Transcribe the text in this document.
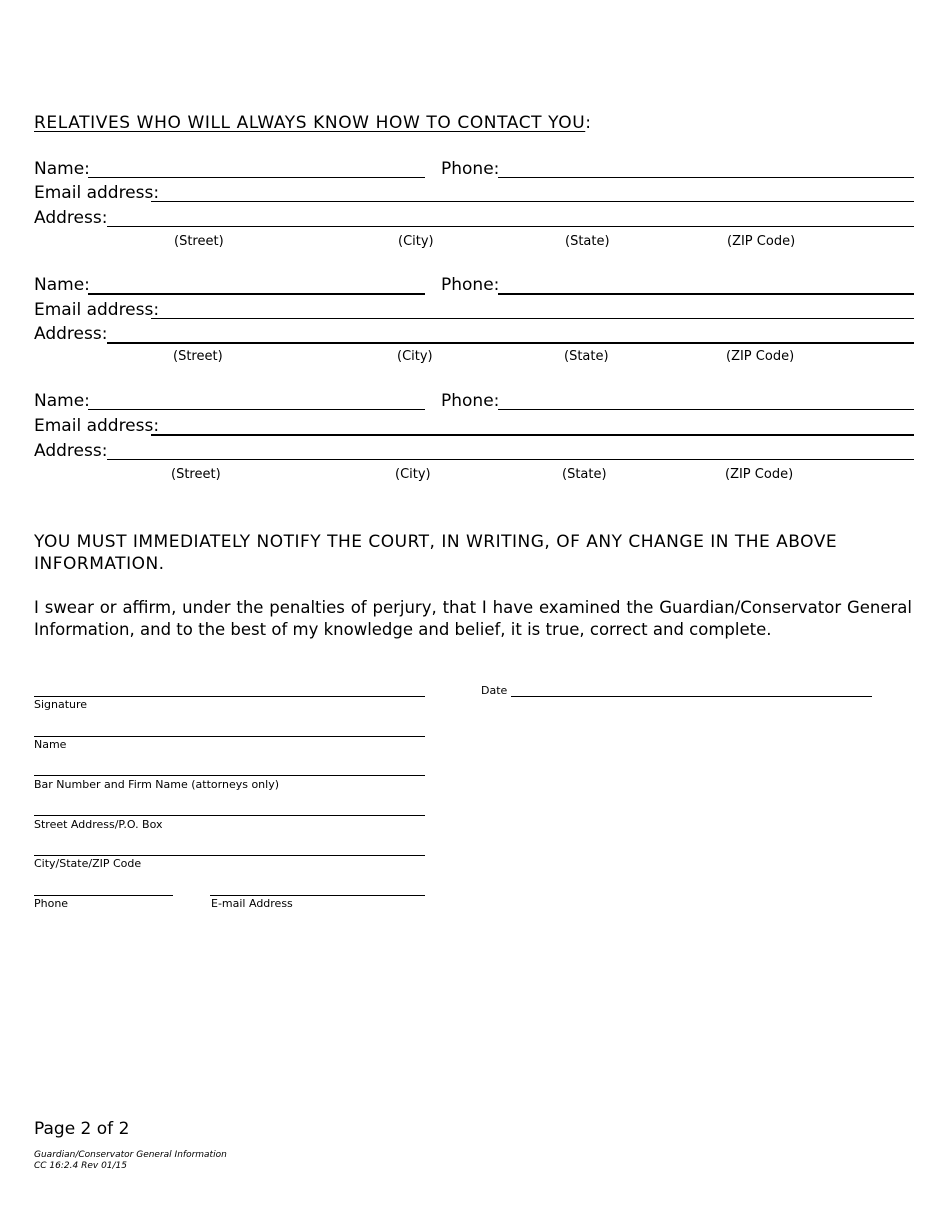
RELATIVES WHO WILL ALWAYS KNOW HOW TO CONTACT YOU:
Name:	Phone:
Email address:
Address:
(Street)	(City)	(State)	(ZIP Code)
Name:	Phone:
Email address:
Address:
(Street)	(City)	(State)	(ZIP Code)
Name:	Phone:
Email address:
Address:
(Street)	(City)	(State)	(ZIP Code)
YOU MUST IMMEDIATELY NOTIFY THE COURT, IN WRITING, OF ANY CHANGE IN THE ABOVE INFORMATION.
I swear or affirm, under the penalties of perjury, that I have examined the Guardian/Conservator General Information, and to the best of my knowledge and belief, it is true, correct and complete.
Signature
Date
Name
Bar Number and Firm Name (attorneys only)
Street Address/P.O. Box
City/State/ZIP Code
Phone	E-mail Address
Page 2 of 2
Guardian/Conservator General Information
CC 16:2.4 Rev 01/15
